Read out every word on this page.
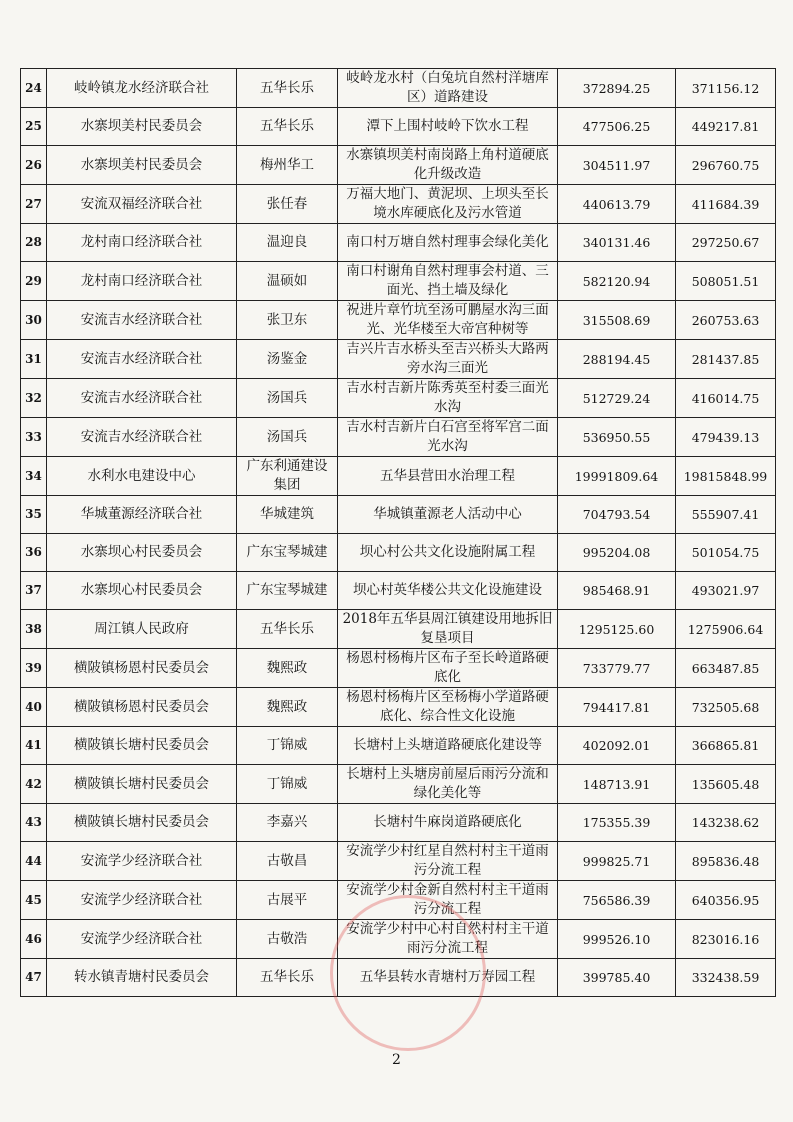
24	岐岭镇龙水经济联合社	五华长乐	岐岭龙水村（白兔坑自然村洋塘库区）道路建设	372894.25	371156.12
25	水寨坝美村民委员会	五华长乐	潭下上围村岐岭下饮水工程	477506.25	449217.81
26	水寨坝美村民委员会	梅州华工	水寨镇坝美村南岗路上角村道硬底化升级改造	304511.97	296760.75
27	安流双福经济联合社	张任春	万福大地门、黄泥坝、上坝头至长境水库硬底化及污水管道	440613.79	411684.39
28	龙村南口经济联合社	温迎良	南口村万塘自然村理事会绿化美化	340131.46	297250.67
29	龙村南口经济联合社	温硕如	南口村谢角自然村理事会村道、三面光、挡土墙及绿化	582120.94	508051.51
30	安流吉水经济联合社	张卫东	祝进片章竹坑至汤可鹏屋水沟三面光、光华楼至大帝宫种树等	315508.69	260753.63
31	安流吉水经济联合社	汤鉴金	吉兴片吉水桥头至吉兴桥头大路两旁水沟三面光	288194.45	281437.85
32	安流吉水经济联合社	汤国兵	吉水村吉新片陈秀英至村委三面光水沟	512729.24	416014.75
33	安流吉水经济联合社	汤国兵	吉水村吉新片白石宫至将军宫二面光水沟	536950.55	479439.13
34	水利水电建设中心	广东利通建设集团	五华县营田水治理工程	19991809.64	19815848.99
35	华城董源经济联合社	华城建筑	华城镇董源老人活动中心	704793.54	555907.41
36	水寨坝心村民委员会	广东宝琴城建	坝心村公共文化设施附属工程	995204.08	501054.75
37	水寨坝心村民委员会	广东宝琴城建	坝心村英华楼公共文化设施建设	985468.91	493021.97
38	周江镇人民政府	五华长乐	2018年五华县周江镇建设用地拆旧复垦项目	1295125.60	1275906.64
39	横陂镇杨恩村民委员会	魏熙政	杨恩村杨梅片区布子至长岭道路硬底化	733779.77	663487.85
40	横陂镇杨恩村民委员会	魏熙政	杨恩村杨梅片区至杨梅小学道路硬底化、综合性文化设施	794417.81	732505.68
41	横陂镇长塘村民委员会	丁锦威	长塘村上头塘道路硬底化建设等	402092.01	366865.81
42	横陂镇长塘村民委员会	丁锦威	长塘村上头塘房前屋后雨污分流和绿化美化等	148713.91	135605.48
43	横陂镇长塘村民委员会	李嘉兴	长塘村牛麻岗道路硬底化	175355.39	143238.62
44	安流学少经济联合社	古敬昌	安流学少村红星自然村村主干道雨污分流工程	999825.71	895836.48
45	安流学少经济联合社	古展平	安流学少村金新自然村村主干道雨污分流工程	756586.39	640356.95
46	安流学少经济联合社	古敬浩	安流学少村中心村自然村村主干道雨污分流工程	999526.10	823016.16
47	转水镇青塘村民委员会	五华长乐	五华县转水青塘村万寿园工程	399785.40	332438.59
2
